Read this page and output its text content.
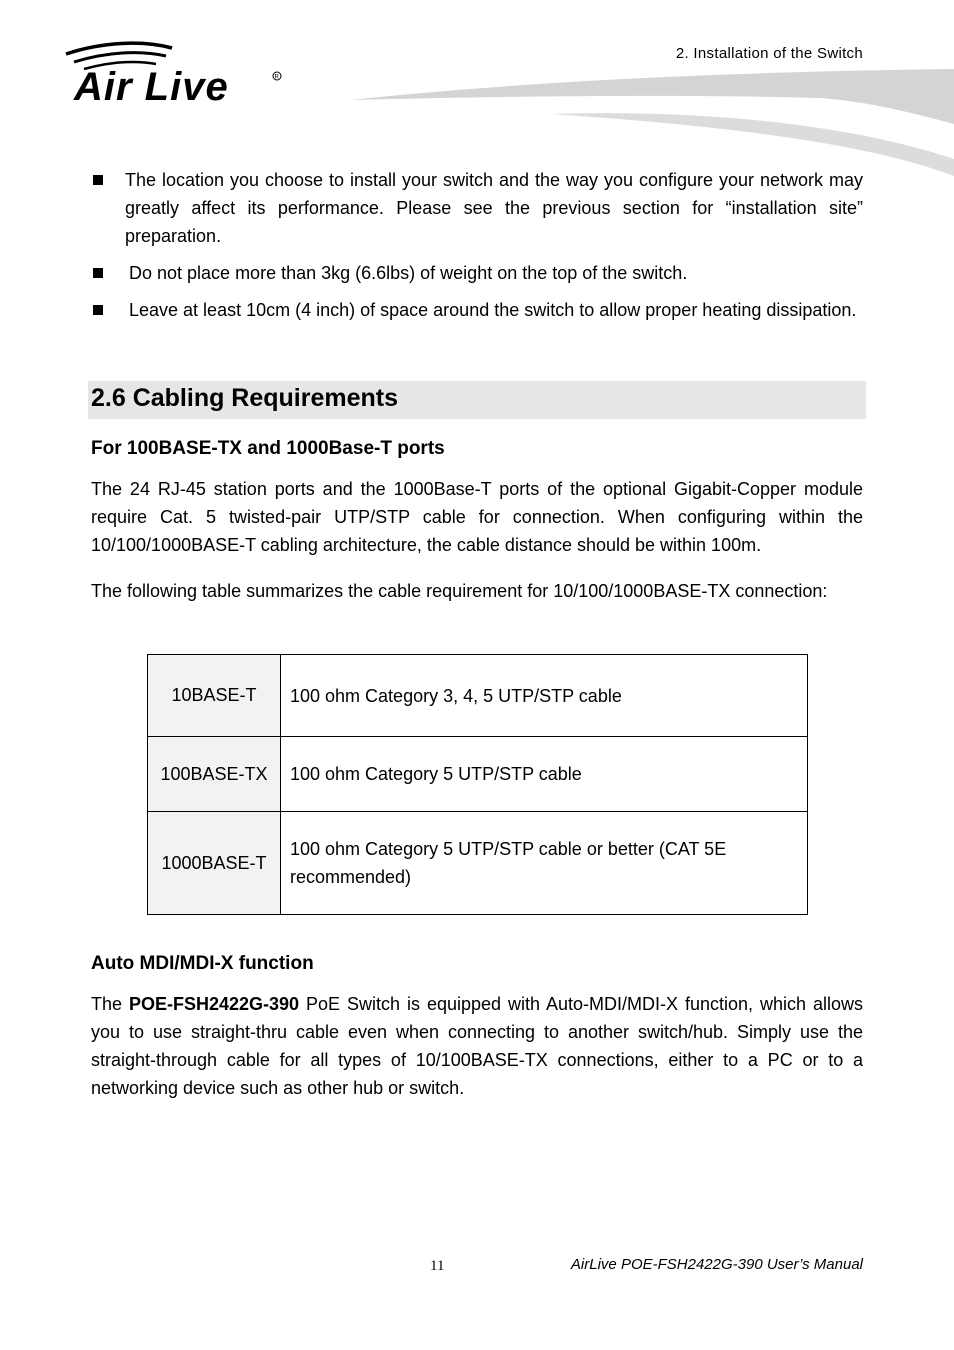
2. Installation of the Switch
Air Live	R
The location you choose to install your switch and the way you configure your network may greatly affect its performance. Please see the previous section for “installation site” preparation.
Do not place more than 3kg (6.6lbs) of weight on the top of the switch.
Leave at least 10cm (4 inch) of space around the switch to allow proper heating dissipation.
2.6 Cabling Requirements
For 100BASE-TX and 1000Base-T ports
The 24 RJ-45 station ports and the 1000Base-T ports of the optional Gigabit-Copper module require Cat. 5 twisted-pair UTP/STP cable for connection. When configuring within the 10/100/1000BASE-T cabling architecture, the cable distance should be within 100m.
The following table summarizes the cable requirement for 10/100/1000BASE-TX connection:
10BASE-T	100 ohm Category 3, 4, 5 UTP/STP cable
100BASE-TX	100 ohm Category 5 UTP/STP cable
1000BASE-T	100 ohm Category 5 UTP/STP cable or better (CAT 5E recommended)
Auto MDI/MDI-X function
The POE-FSH2422G-390 PoE Switch is equipped with Auto-MDI/MDI-X function, which allows you to use straight-thru cable even when connecting to another switch/hub. Simply use the straight-through cable for all types of 10/100BASE-TX connections, either to a PC or to a networking device such as other hub or switch.
11	AirLive POE-FSH2422G-390 User’s Manual
